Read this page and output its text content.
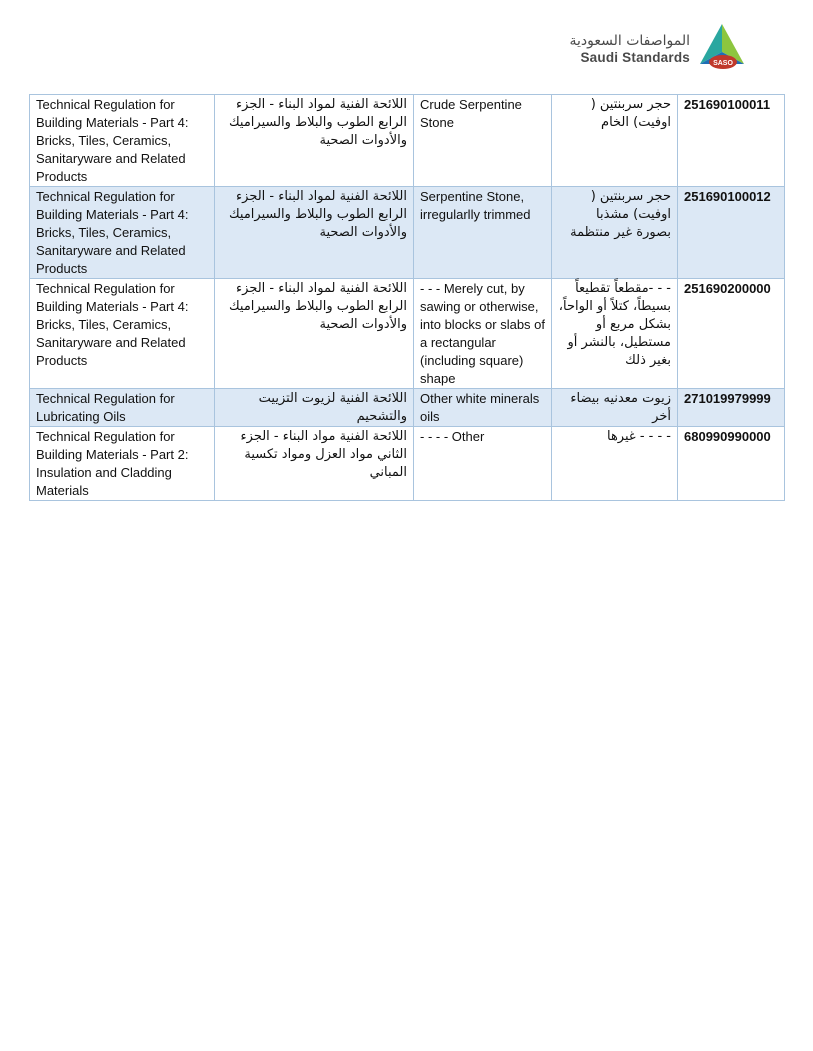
المواصفات السعودية
Saudi Standards	SASO
Technical Regulation for Building Materials - Part 4: Bricks, Tiles, Ceramics, Sanitaryware and Related Products	اللائحة الفنية لمواد البناء - الجزء الرابع الطوب والبلاط والسيراميك والأدوات الصحية	Crude Serpentine Stone	حجر سربنتين ( اوفيت) الخام	251690100011
Technical Regulation for Building Materials - Part 4: Bricks, Tiles, Ceramics, Sanitaryware and Related Products	اللائحة الفنية لمواد البناء - الجزء الرابع الطوب والبلاط والسيراميك والأدوات الصحية	Serpentine Stone, irregularlly trimmed	حجر سربنتين ( اوفيت) مشذبا بصورة غير منتظمة	251690100012
Technical Regulation for Building Materials - Part 4: Bricks, Tiles, Ceramics, Sanitaryware and Related Products	اللائحة الفنية لمواد البناء - الجزء الرابع الطوب والبلاط والسيراميك والأدوات الصحية	- - - Merely cut, by sawing or otherwise, into blocks or slabs of a rectangular (including square) shape	- - -مقطعاً تقطيعاً بسيطاً، كتلاً أو الواحاً، بشكل مربع أو مستطيل، بالنشر أو بغير ذلك	251690200000
Technical Regulation for Lubricating Oils	اللائحة الفنية لزيوت التزييت والتشحيم	Other white minerals oils	زيوت معدنيه بيضاء أخر	271019979999
Technical Regulation for Building Materials - Part 2: Insulation and Cladding Materials	اللائحة الفنية مواد البناء - الجزء الثاني مواد العزل ومواد تكسية المباني	- - - - Other	- - - - غيرها	680990990000
